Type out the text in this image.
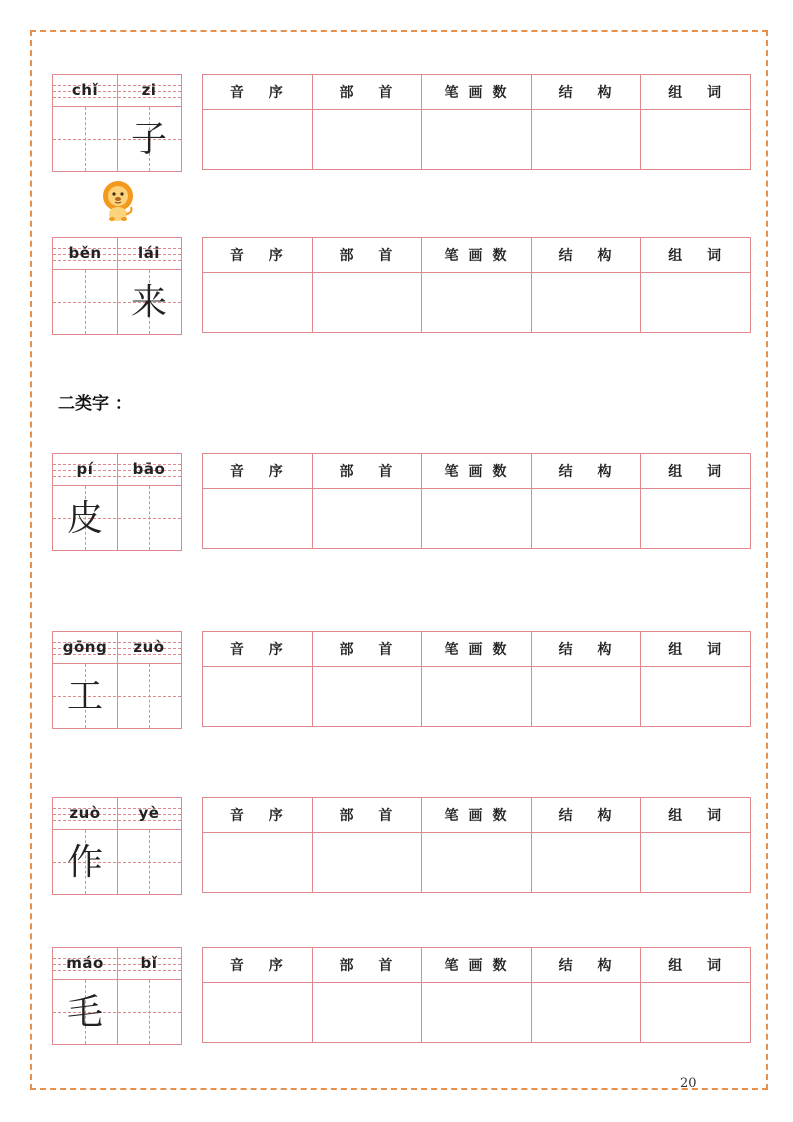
二类字 ：
chǐ	zi
子
音 序	部 首	笔画数	结 构	组 词

běn	lái
来
音 序	部 首	笔画数	结 构	组 词

pí	bāo
皮
音 序	部 首	笔画数	结 构	组 词

gōng	zuò
工
音 序	部 首	笔画数	结 构	组 词

zuò	yè
作
音 序	部 首	笔画数	结 构	组 词

máo	bǐ
毛
音 序	部 首	笔画数	结 构	组 词

20
